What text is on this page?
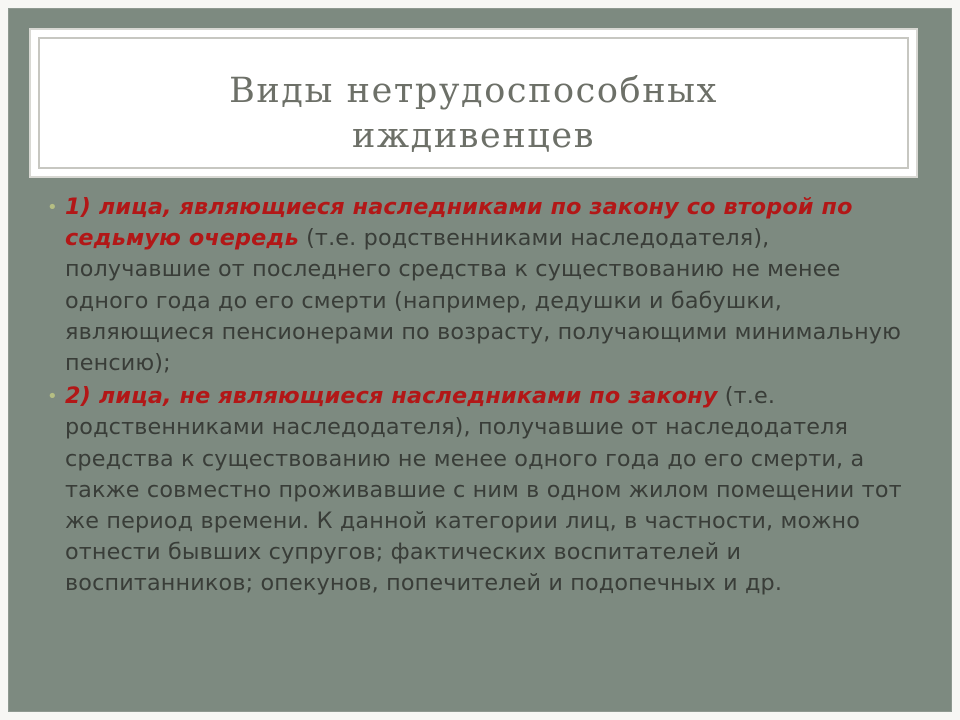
Виды нетрудоспособных
иждивенцев

• 1) лица, являющиеся наследниками по закону со второй по седьмую очередь (т.е. родственниками наследодателя), получавшие от последнего средства к существованию не менее одного года до его смерти (например, дедушки и бабушки, являющиеся пенсионерами по возрасту, получающими минимальную пенсию);

• 2) лица, не являющиеся наследниками по закону (т.е. родственниками наследодателя), получавшие от наследодателя средства к существованию не менее одного года до его смерти, а также совместно проживавшие с ним в одном жилом помещении тот же период времени. К данной категории лиц, в частности, можно отнести бывших супругов; фактических воспитателей и воспитанников; опекунов, попечителей и подопечных и др.
